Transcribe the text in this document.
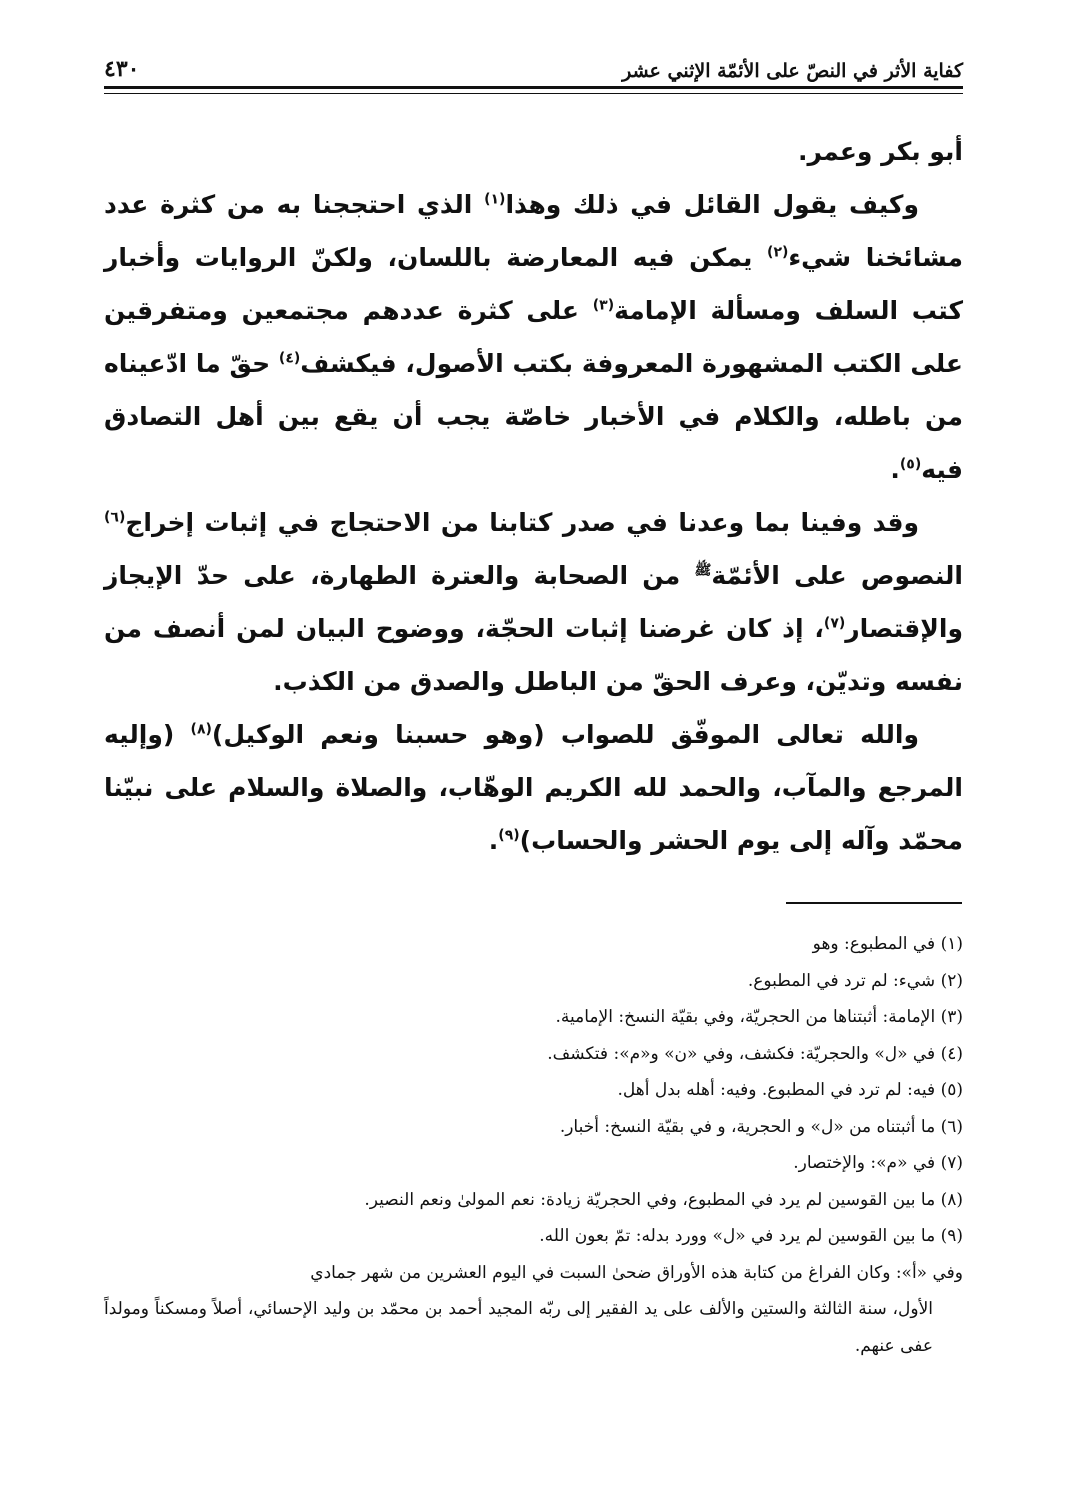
٤٣٠	كفاية الأثر في النصّ على الأئمّة الإثني عشر

أبو بكر وعمر.

وكيف يقول القائل في ذلك وهذا$^{(١)}$ الذي احتججنا به من كثرة عدد مشائخنا شيء$^{(٢)}$ يمكن فيه المعارضة باللسان، ولكنّ الروايات وأخبار كتب السلف ومسألة الإمامة$^{(٣)}$ على كثرة عددهم مجتمعين ومتفرقين على الكتب المشهورة المعروفة بكتب الأصول، فيكشف$^{(٤)}$ حقّ ما ادّعيناه من باطله، والكلام في الأخبار خاصّة يجب أن يقع بين أهل التصادق فيه$^{(٥)}$.

وقد وفينا بما وعدنا في صدر كتابنا من الاحتجاج في إثبات إخراج$^{(٦)}$ النصوص على الأئمّة$^ﷺ$ من الصحابة والعترة الطهارة، على حدّ الإيجاز والإقتصار$^{(٧)}$، إذ كان غرضنا إثبات الحجّة، ووضوح البيان لمن أنصف من نفسه وتديّن، وعرف الحقّ من الباطل والصدق من الكذب.

والله تعالى الموفّق للصواب (وهو حسبنا ونعم الوكيل)$^{(٨)}$ (وإليه المرجع والمآب، والحمد لله الكريم الوهّاب، والصلاة والسلام على نبيّنا محمّد وآله إلى يوم الحشر والحساب)$^{(٩)}$.

(١) في المطبوع: وهو
(٢) شيء: لم ترد في المطبوع.
(٣) الإمامة: أثبتناها من الحجريّة، وفي بقيّة النسخ: الإمامية.
(٤) في «ل» والحجريّة: فكشف، وفي «ن» و«م»: فتكشف.
(٥) فيه: لم ترد في المطبوع. وفيه: أهله بدل أهل.
(٦) ما أثبتناه من «ل» و الحجرية، و في بقيّة النسخ: أخبار.
(٧) في «م»: والإختصار.
(٨) ما بين القوسين لم يرد في المطبوع، وفي الحجريّة زيادة: نعم المولىٰ ونعم النصير.
(٩) ما بين القوسين لم يرد في «ل» وورد بدله: تمّ بعون الله.
وفي «أ»: وكان الفراغ من كتابة هذه الأوراق ضحىٰ السبت في اليوم العشرين من شهر جمادي
الأول، سنة الثالثة والستين والألف على يد الفقير إلى ربّه المجيد أحمد بن محمّد بن وليد الإحسائي، أصلاً ومسكناً ومولداً عفى عنهم.
